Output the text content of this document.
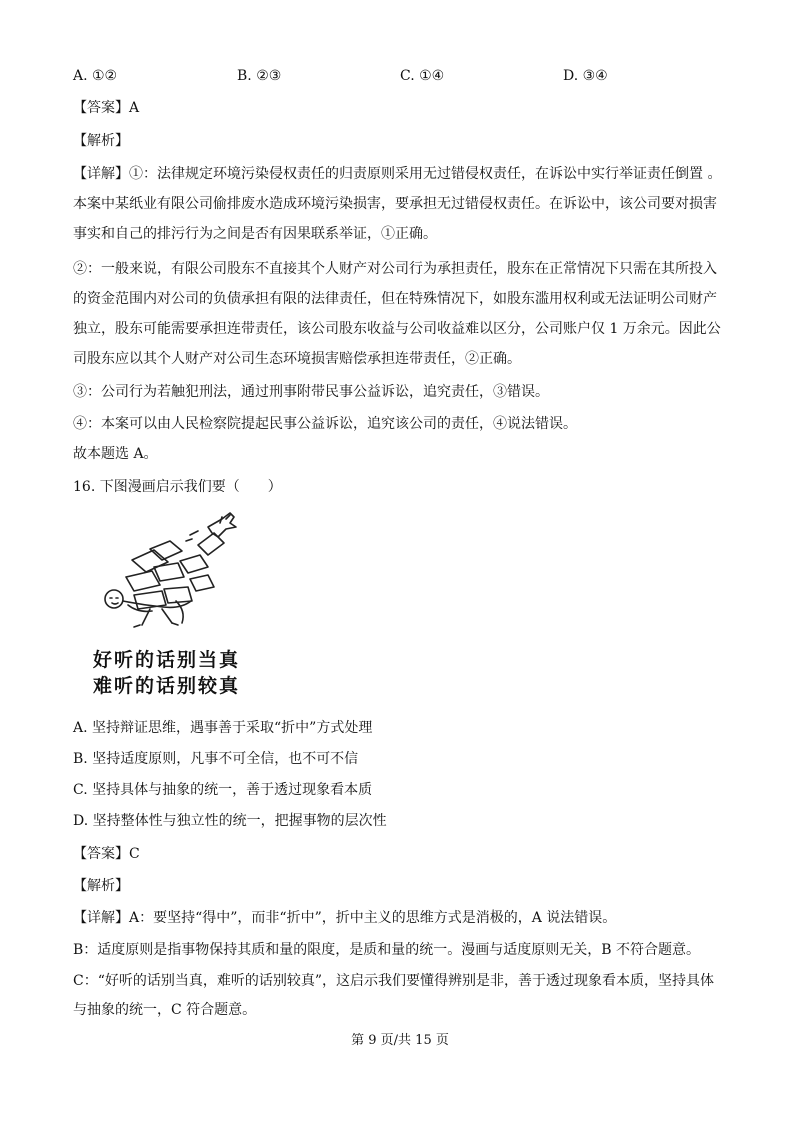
A. ①②	B. ②③	C. ①④	D. ③④
【答案】A
【解析】
【详解】①：法律规定环境污染侵权责任的归责原则采用无过错侵权责任，在诉讼中实行举证责任倒置 。
本案中某纸业有限公司偷排废水造成环境污染损害，要承担无过错侵权责任。在诉讼中，该公司要对损害
事实和自己的排污行为之间是否有因果联系举证，①正确。
②：一般来说，有限公司股东不直接其个人财产对公司行为承担责任，股东在正常情况下只需在其所投入
的资金范围内对公司的负债承担有限的法律责任，但在特殊情况下，如股东滥用权利或无法证明公司财产
独立，股东可能需要承担连带责任，该公司股东收益与公司收益难以区分，公司账户仅 1 万余元。因此公
司股东应以其个人财产对公司生态环境损害赔偿承担连带责任，②正确。
③：公司行为若触犯刑法，通过刑事附带民事公益诉讼，追究责任，③错误。
④：本案可以由人民检察院提起民事公益诉讼，追究该公司的责任，④说法错误。
故本题选 A。
16. 下图漫画启示我们要（　　）
好听的话别当真
难听的话别较真
A. 坚持辩证思维，遇事善于采取“折中”方式处理
B. 坚持适度原则，凡事不可全信，也不可不信
C. 坚持具体与抽象的统一，善于透过现象看本质
D. 坚持整体性与独立性的统一，把握事物的层次性
【答案】C
【解析】
【详解】A：要坚持“得中”，而非“折中”，折中主义的思维方式是消极的，A 说法错误。
B：适度原则是指事物保持其质和量的限度，是质和量的统一。漫画与适度原则无关，B 不符合题意。
C：“好听的话别当真，难听的话别较真”，这启示我们要懂得辨别是非，善于透过现象看本质，坚持具体
与抽象的统一，C 符合题意。
第 9 页/共 15 页
